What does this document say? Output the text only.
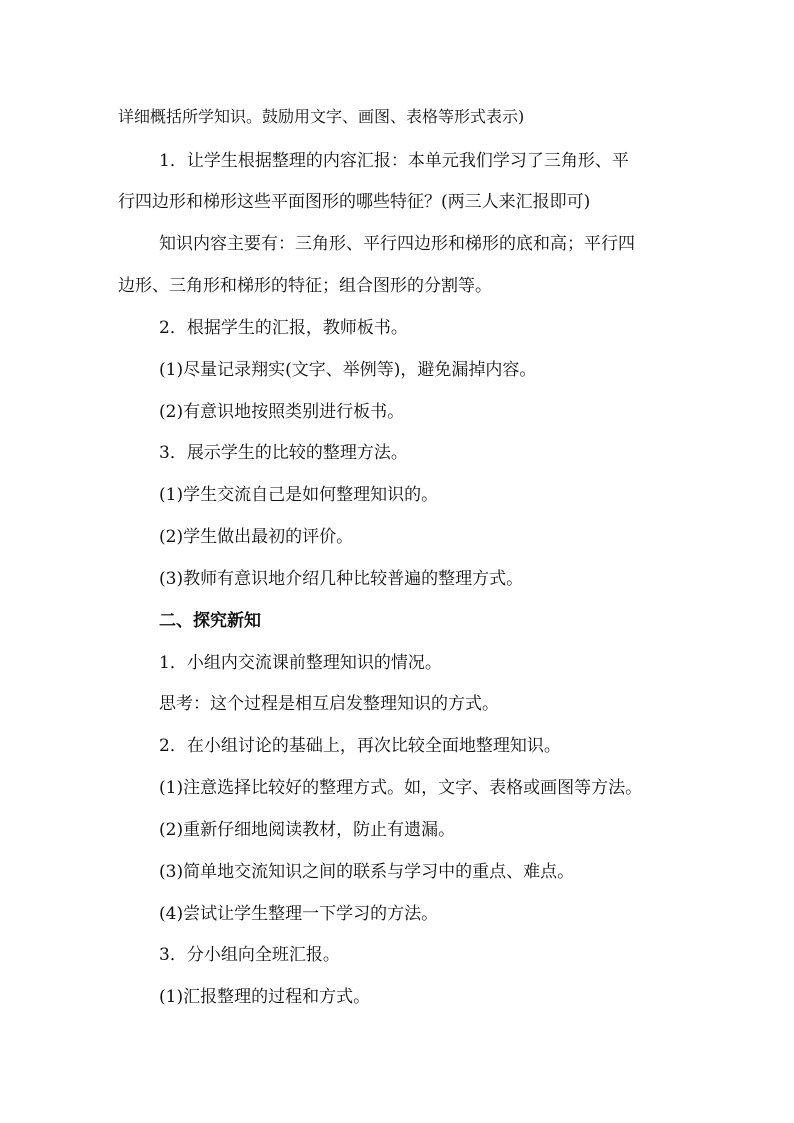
详细概括所学知识。鼓励用文字、画图、表格等形式表示)
1．让学生根据整理的内容汇报：本单元我们学习了三角形、平
行四边形和梯形这些平面图形的哪些特征？(两三人来汇报即可)
知识内容主要有：三角形、平行四边形和梯形的底和高；平行四
边形、三角形和梯形的特征；组合图形的分割等。
2．根据学生的汇报，教师板书。
(1)尽量记录翔实(文字、举例等)，避免漏掉内容。
(2)有意识地按照类别进行板书。
3．展示学生的比较的整理方法。
(1)学生交流自己是如何整理知识的。
(2)学生做出最初的评价。
(3)教师有意识地介绍几种比较普遍的整理方式。
二、探究新知
1．小组内交流课前整理知识的情况。
思考：这个过程是相互启发整理知识的方式。
2．在小组讨论的基础上，再次比较全面地整理知识。
(1)注意选择比较好的整理方式。如，文字、表格或画图等方法。
(2)重新仔细地阅读教材，防止有遗漏。
(3)简单地交流知识之间的联系与学习中的重点、难点。
(4)尝试让学生整理一下学习的方法。
3．分小组向全班汇报。
(1)汇报整理的过程和方式。
